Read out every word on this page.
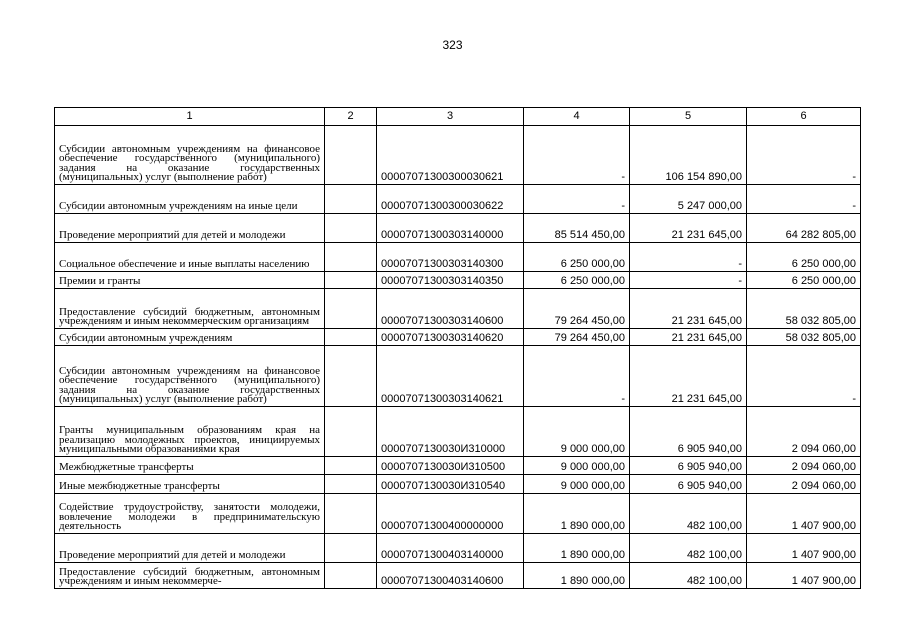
323
1	2	3	4	5	6
Субсидии автономным учреждениям на финансовое обеспечение государственного (муниципального) задания на оказание государственных (муниципальных) услуг (выполнение работ)		00007071300300030621	-	106 154 890,00	-
Субсидии автономным учреждениям на иные цели		00007071300300030622	-	5 247 000,00	-
Проведение мероприятий для детей и молодежи		00007071300303140000	85 514 450,00	21 231 645,00	64 282 805,00
Социальное обеспечение и иные выплаты населению		00007071300303140300	6 250 000,00	-	6 250 000,00
Премии и гранты		00007071300303140350	6 250 000,00	-	6 250 000,00
Предоставление субсидий бюджетным, автономным учреждениям и иным некоммерческим организациям		00007071300303140600	79 264 450,00	21 231 645,00	58 032 805,00
Субсидии автономным учреждениям		00007071300303140620	79 264 450,00	21 231 645,00	58 032 805,00
Субсидии автономным учреждениям на финансовое обеспечение государственного (муниципального) задания на оказание государственных (муниципальных) услуг (выполнение работ)		00007071300303140621	-	21 231 645,00	-
Гранты муниципальным образованиям края на реализацию молодежных проектов, инициируемых муниципальными образованиями края		0000707130030И310000	9 000 000,00	6 905 940,00	2 094 060,00
Межбюджетные трансферты		0000707130030И310500	9 000 000,00	6 905 940,00	2 094 060,00
Иные межбюджетные трансферты		0000707130030И310540	9 000 000,00	6 905 940,00	2 094 060,00
Содействие трудоустройству, занятости молодежи, вовлечение молодежи в предпринимательскую деятельность		00007071300400000000	1 890 000,00	482 100,00	1 407 900,00
Проведение мероприятий для детей и молодежи		00007071300403140000	1 890 000,00	482 100,00	1 407 900,00
Предоставление субсидий бюджетным, автономным учреждениям и иным некоммерче-		00007071300403140600	1 890 000,00	482 100,00	1 407 900,00
